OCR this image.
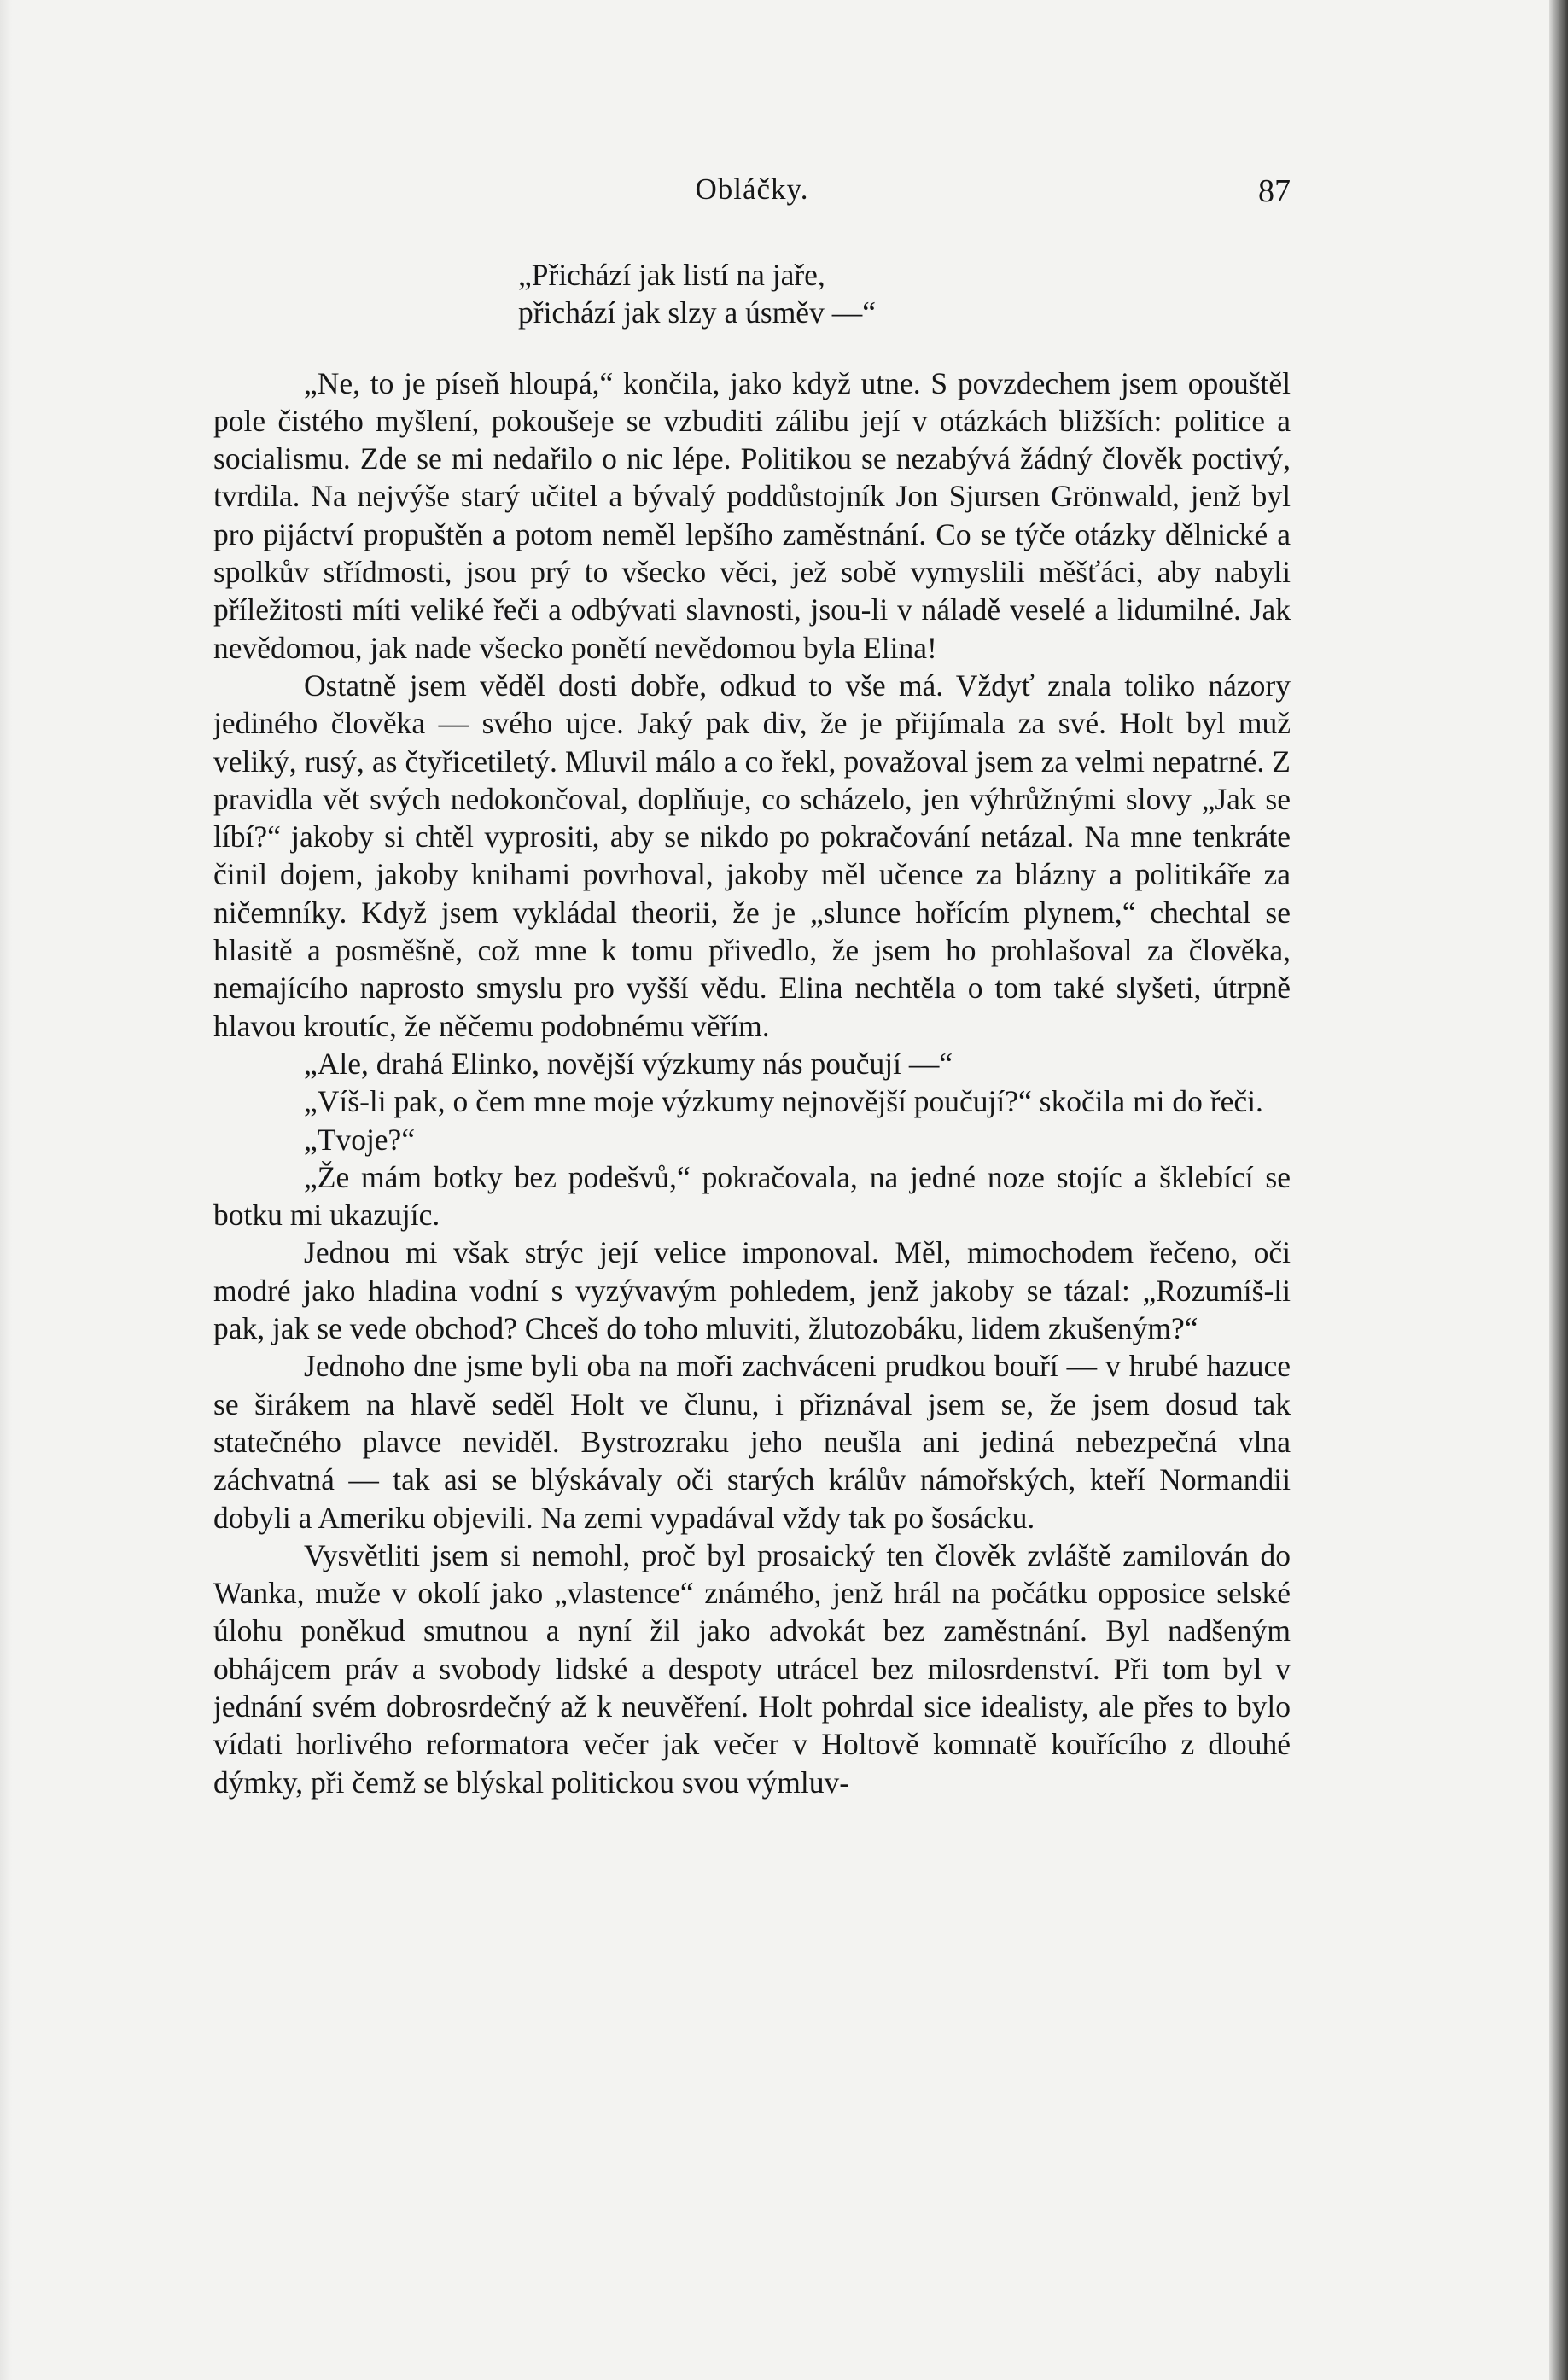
Obláčky.	87

„Přichází jak listí na jaře,

přichází jak slzy a úsměv —“

„Ne, to je píseň hloupá,“ končila, jako když utne. S povzdechem jsem opouštěl pole čistého myšlení, pokoušeje se vzbuditi zálibu její v otázkách bližších: politice a socialismu. Zde se mi nedařilo o nic lépe. Politikou se nezabývá žádný člověk poctivý, tvrdila. Na nejvýše starý učitel a bývalý poddůstojník Jon Sjursen Grönwald, jenž byl pro pijáctví propuštěn a potom neměl lepšího zaměstnání. Co se týče otázky dělnické a spolkův střídmosti, jsou prý to všecko věci, jež sobě vymyslili měšťáci, aby nabyli příležitosti míti veliké řeči a odbývati slavnosti, jsou-li v náladě veselé a lidumilné. Jak nevědomou, jak nade všecko ponětí nevědomou byla Elina!

Ostatně jsem věděl dosti dobře, odkud to vše má. Vždyť znala toliko názory jediného člověka — svého ujce. Jaký pak div, že je přijímala za své. Holt byl muž veliký, rusý, as čtyřicetiletý. Mluvil málo a co řekl, považoval jsem za velmi nepatrné. Z pravidla vět svých nedokončoval, doplňuje, co scházelo, jen výhrůžnými slovy „Jak se líbí?“ jakoby si chtěl vyprositi, aby se nikdo po pokračování netázal. Na mne tenkráte činil dojem, jakoby knihami povrhoval, jakoby měl učence za blázny a politikáře za ničemníky. Když jsem vykládal theorii, že je „slunce hořícím plynem,“ chechtal se hlasitě a posměšně, což mne k tomu přivedlo, že jsem ho prohlašoval za člověka, nemajícího naprosto smyslu pro vyšší vědu. Elina nechtěla o tom také slyšeti, útrpně hlavou kroutíc, že něčemu podobnému věřím.

„Ale, drahá Elinko, novější výzkumy nás poučují —“

„Víš-li pak, o čem mne moje výzkumy nejnovější poučují?“ skočila mi do řeči.

„Tvoje?“

„Že mám botky bez podešvů,“ pokračovala, na jedné noze stojíc a šklebící se botku mi ukazujíc.

Jednou mi však strýc její velice imponoval. Měl, mimochodem řečeno, oči modré jako hladina vodní s vyzývavým pohledem, jenž jakoby se tázal: „Rozumíš-li pak, jak se vede obchod? Chceš do toho mluviti, žlutozobáku, lidem zkušeným?“

Jednoho dne jsme byli oba na moři zachváceni prudkou bouří — v hrubé hazuce se širákem na hlavě seděl Holt ve člunu, i přiznával jsem se, že jsem dosud tak statečného plavce neviděl. Bystrozraku jeho neušla ani jediná nebezpečná vlna záchvatná — tak asi se blýskávaly oči starých králův námořských, kteří Normandii dobyli a Ameriku objevili. Na zemi vypadával vždy tak po šosácku.

Vysvětliti jsem si nemohl, proč byl prosaický ten člověk zvláště zamilován do Wanka, muže v okolí jako „vlastence“ známého, jenž hrál na počátku opposice selské úlohu poněkud smutnou a nyní žil jako advokát bez zaměstnání. Byl nadšeným obhájcem práv a svobody lidské a despoty utrácel bez milosrdenství. Při tom byl v jednání svém dobrosrdečný až k neuvěření. Holt pohrdal sice idealisty, ale přes to bylo vídati horlivého reformatora večer jak večer v Holtově komnatě kouřícího z dlouhé dýmky, při čemž se blýskal politickou svou výmluv-
